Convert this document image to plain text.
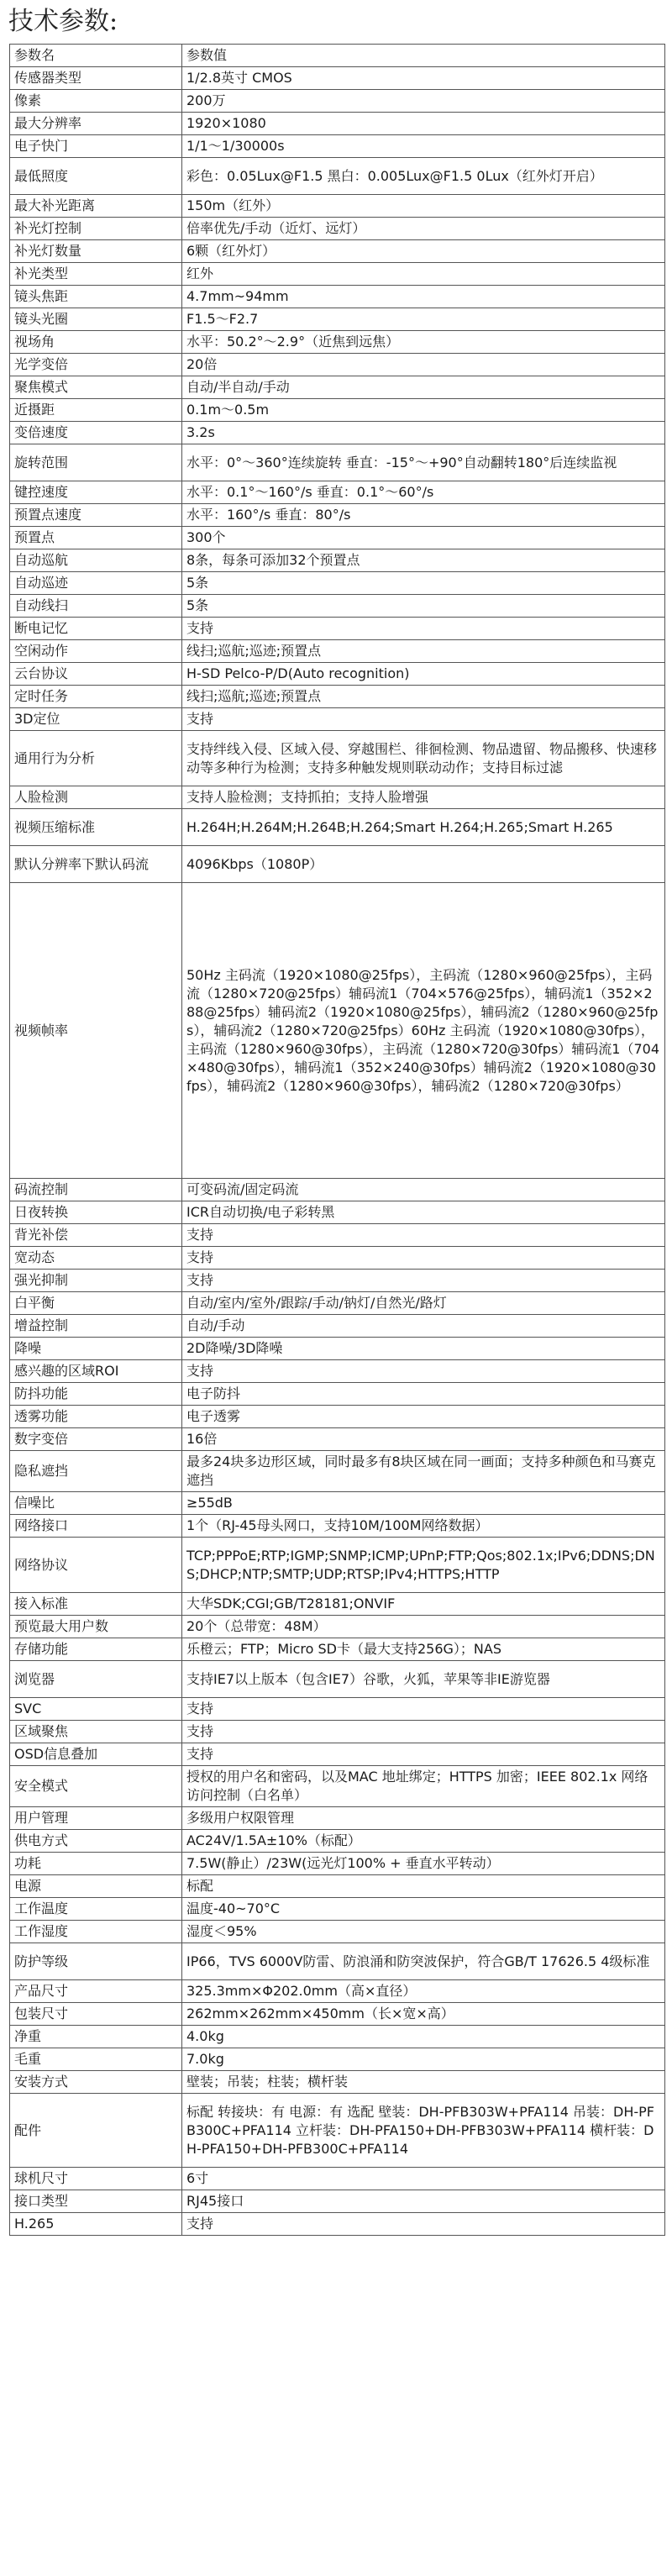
技术参数:
参数名	参数值
传感器类型	1/2.8英寸 CMOS
像素	200万
最大分辨率	1920×1080
电子快门	1/1～1/30000s
最低照度	彩色：0.05Lux@F1.5 黑白：0.005Lux@F1.5 0Lux（红外灯开启）
最大补光距离	150m（红外）
补光灯控制	倍率优先/手动（近灯、远灯）
补光灯数量	6颗（红外灯）
补光类型	红外
镜头焦距	4.7mm~94mm
镜头光圈	F1.5～F2.7
视场角	水平：50.2°～2.9°（近焦到远焦）
光学变倍	20倍
聚焦模式	自动/半自动/手动
近摄距	0.1m～0.5m
变倍速度	3.2s
旋转范围	水平：0°～360°连续旋转 垂直：-15°～+90°自动翻转180°后连续监视
键控速度	水平：0.1°～160°/s 垂直：0.1°～60°/s
预置点速度	水平：160°/s 垂直：80°/s
预置点	300个
自动巡航	8条，每条可添加32个预置点
自动巡迹	5条
自动线扫	5条
断电记忆	支持
空闲动作	线扫;巡航;巡迹;预置点
云台协议	H-SD Pelco-P/D(Auto recognition)
定时任务	线扫;巡航;巡迹;预置点
3D定位	支持
通用行为分析	支持绊线入侵、区域入侵、穿越围栏、徘徊检测、物品遗留、物品搬移、快速移动等多种行为检测；支持多种触发规则联动动作；支持目标过滤
人脸检测	支持人脸检测；支持抓拍；支持人脸增强
视频压缩标准	H.264H;H.264M;H.264B;H.264;Smart H.264;H.265;Smart H.265
默认分辨率下默认码流	4096Kbps（1080P）
视频帧率	50Hz 主码流（1920×1080@25fps），主码流（1280×960@25fps），主码流（1280×720@25fps）辅码流1（704×576@25fps），辅码流1（352×288@25fps）辅码流2（1920×1080@25fps），辅码流2（1280×960@25fps），辅码流2（1280×720@25fps）60Hz 主码流（1920×1080@30fps），主码流（1280×960@30fps），主码流（1280×720@30fps）辅码流1（704×480@30fps），辅码流1（352×240@30fps）辅码流2（1920×1080@30fps），辅码流2（1280×960@30fps），辅码流2（1280×720@30fps）
码流控制	可变码流/固定码流
日夜转换	ICR自动切换/电子彩转黑
背光补偿	支持
宽动态	支持
强光抑制	支持
白平衡	自动/室内/室外/跟踪/手动/钠灯/自然光/路灯
增益控制	自动/手动
降噪	2D降噪/3D降噪
感兴趣的区域ROI	支持
防抖功能	电子防抖
透雾功能	电子透雾
数字变倍	16倍
隐私遮挡	最多24块多边形区域，同时最多有8块区域在同一画面；支持多种颜色和马赛克遮挡
信噪比	≥55dB
网络接口	1个（RJ-45母头网口，支持10M/100M网络数据）
网络协议	TCP;PPPoE;RTP;IGMP;SNMP;ICMP;UPnP;FTP;Qos;802.1x;IPv6;DDNS;DNS;DHCP;NTP;SMTP;UDP;RTSP;IPv4;HTTPS;HTTP
接入标准	大华SDK;CGI;GB/T28181;ONVIF
预览最大用户数	20个（总带宽：48M）
存储功能	乐橙云；FTP；Micro SD卡（最大支持256G）；NAS
浏览器	支持IE7以上版本（包含IE7）谷歌，火狐，苹果等非IE游览器
SVC	支持
区域聚焦	支持
OSD信息叠加	支持
安全模式	授权的用户名和密码，以及MAC 地址绑定；HTTPS 加密；IEEE 802.1x 网络访问控制（白名单）
用户管理	多级用户权限管理
供电方式	AC24V/1.5A±10%（标配）
功耗	7.5W(静止）/23W(远光灯100% + 垂直水平转动）
电源	标配
工作温度	温度-40~70°C
工作湿度	湿度＜95%
防护等级	IP66，TVS 6000V防雷、防浪涌和防突波保护，符合GB/T 17626.5 4级标准
产品尺寸	325.3mm×Φ202.0mm（高×直径）
包装尺寸	262mm×262mm×450mm（长×宽×高）
净重	4.0kg
毛重	7.0kg
安装方式	壁装；吊装；柱装；横杆装
配件	标配 转接块：有 电源：有 选配 壁装：DH-PFB303W+PFA114 吊装：DH-PFB300C+PFA114 立杆装：DH-PFA150+DH-PFB303W+PFA114 横杆装：DH-PFA150+DH-PFB300C+PFA114
球机尺寸	6寸
接口类型	RJ45接口
H.265	支持
